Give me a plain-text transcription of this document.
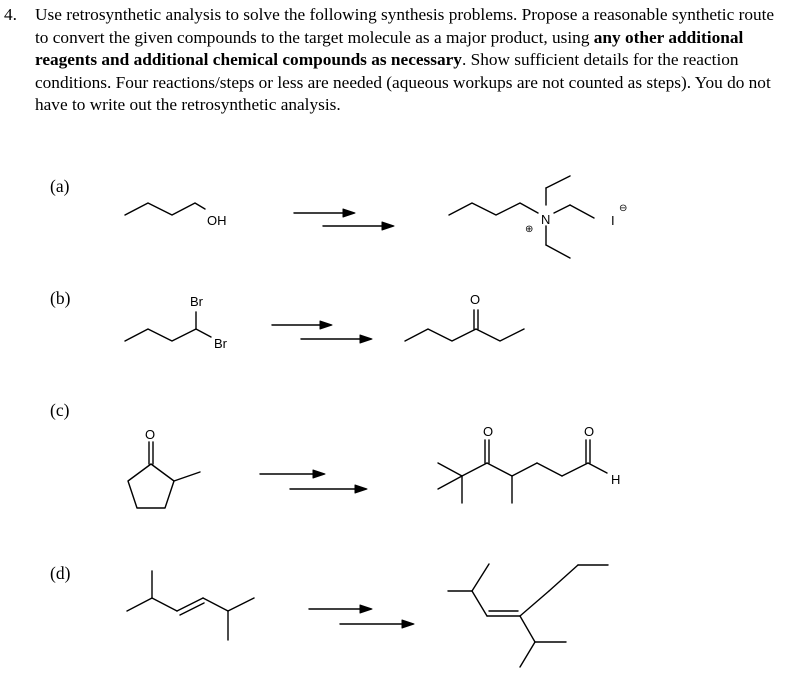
4. Use retrosynthetic analysis to solve the following synthesis problems. Propose a reasonable synthetic route to convert the given compounds to the target molecule as a major product, using any other additional reagents and additional chemical compounds as necessary. Show sufficient details for the reaction conditions. Four reactions/steps or less are needed (aqueous workups are not counted as steps). You do not have to write out the retrosynthetic analysis.
(a)
(b)
(c)
(d)
OH	N
⊕
I
⊖
Br
Br
O
O	O	O
H
